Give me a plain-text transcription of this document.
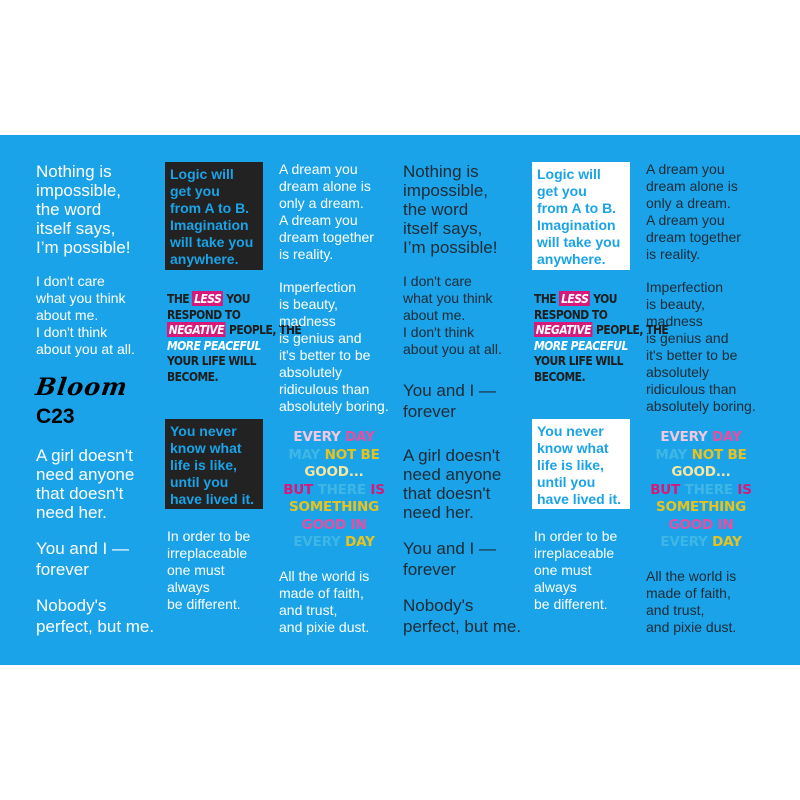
Nothing is
impossible,
the word
itself says,
I’m possible!

I don't care
what you think
about me.
I don't think
about you at all.

Bloom
C23

A girl doesn't
need anyone
that doesn't
need her.

You and I —
forever

Nobody's
perfect, but me.

Logic will
get you
from A to B.
Imagination
will take you
anywhere.
THE LESS YOU
RESPOND TO
NEGATIVE PEOPLE, THE
MORE PEACEFUL
YOUR LIFE WILL
BECOME.
You never
know what
life is like,
until you
have lived it.

In order to be
irreplaceable
one must
always
be different.

A dream you
dream alone is
only a dream.
A dream you
dream together
is reality.

Imperfection
is beauty,
madness
is genius and
it's better to be
absolutely
ridiculous than
absolutely boring.

EVERY DAY
MAY NOT BE
GOOD...
BUT THERE IS
SOMETHING
GOOD IN
EVERY DAY

All the world is
made of faith,
and trust,
and pixie dust.

Nothing is
impossible,
the word
itself says,
I’m possible!

I don't care
what you think
about me.
I don't think
about you at all.

You and I —
forever

A girl doesn't
need anyone
that doesn't
need her.

You and I —
forever

Nobody's
perfect, but me.

Logic will
get you
from A to B.
Imagination
will take you
anywhere.
THE LESS YOU
RESPOND TO
NEGATIVE PEOPLE, THE
MORE PEACEFUL
YOUR LIFE WILL
BECOME.
You never
know what
life is like,
until you
have lived it.

In order to be
irreplaceable
one must
always
be different.

A dream you
dream alone is
only a dream.
A dream you
dream together
is reality.

Imperfection
is beauty,
madness
is genius and
it's better to be
absolutely
ridiculous than
absolutely boring.

EVERY DAY
MAY NOT BE
GOOD...
BUT THERE IS
SOMETHING
GOOD IN
EVERY DAY

All the world is
made of faith,
and trust,
and pixie dust.
